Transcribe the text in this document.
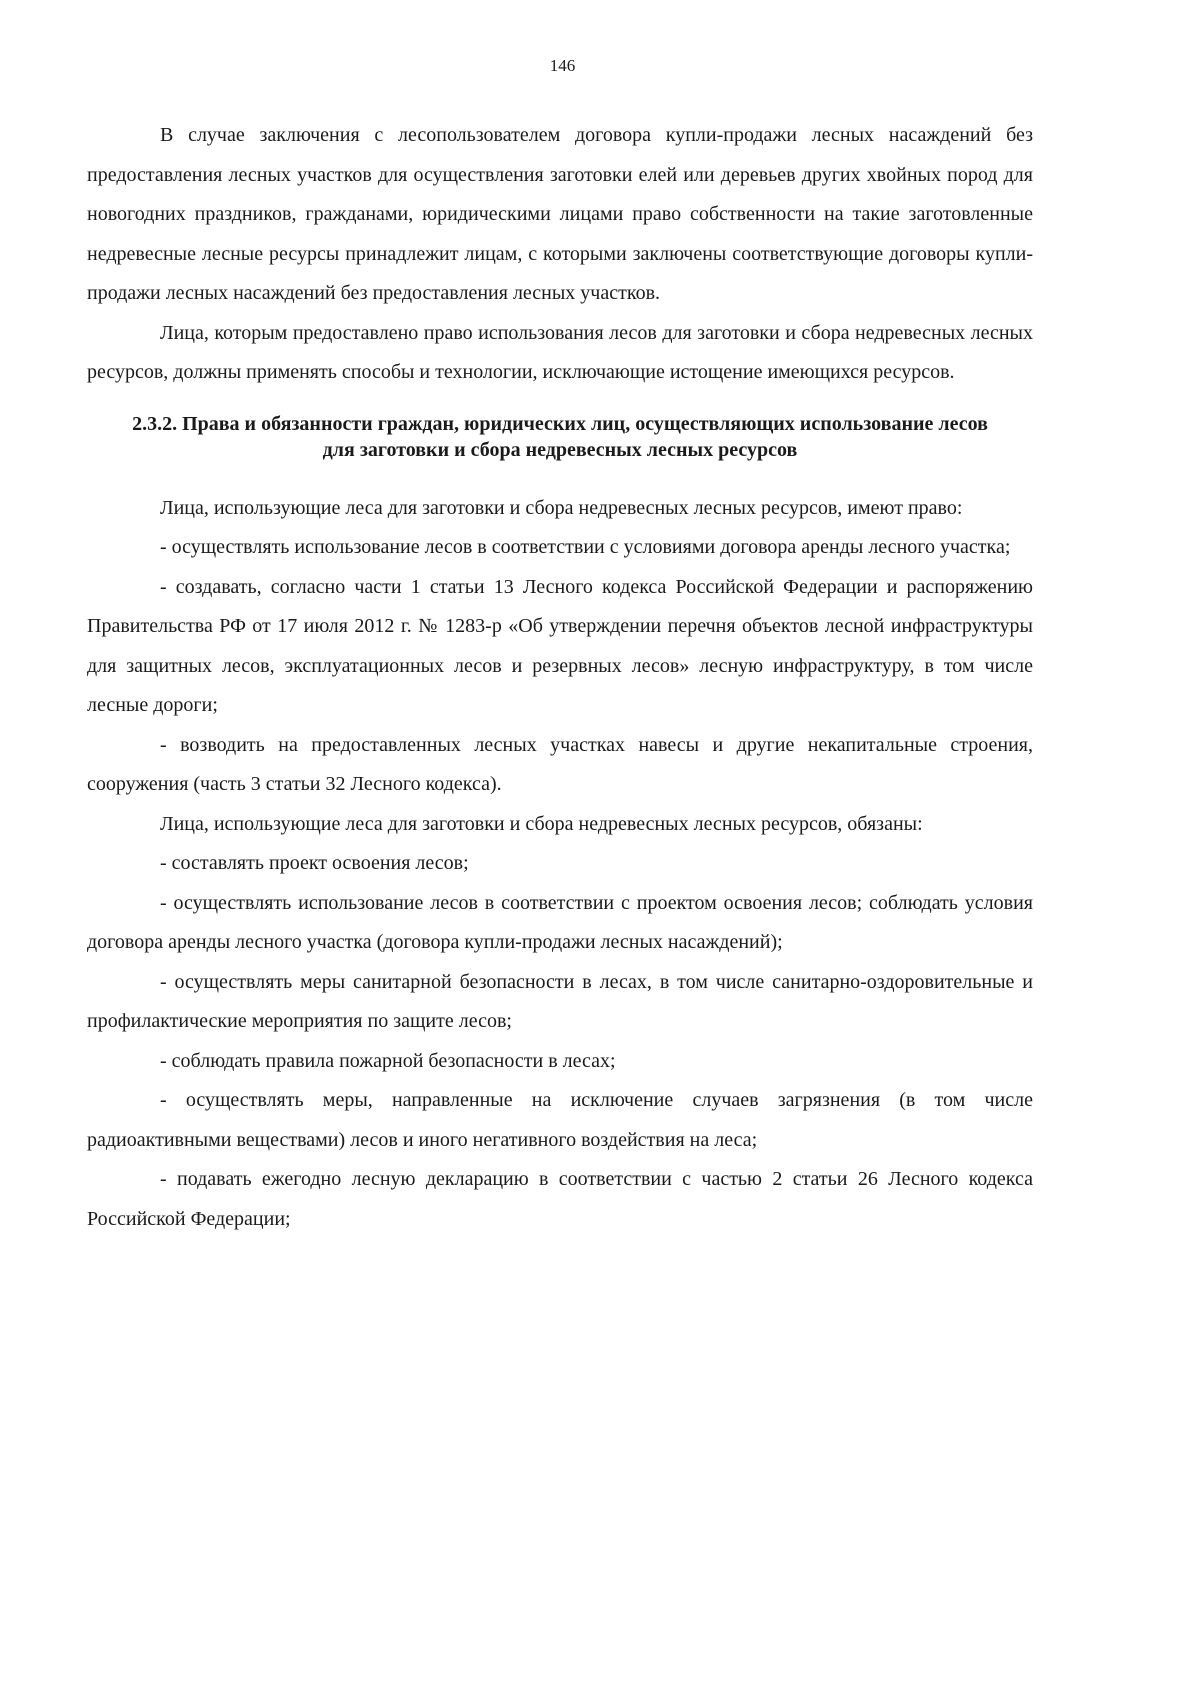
146

В случае заключения с лесопользователем договора купли-продажи лесных насаждений без предоставления лесных участков для осуществления заготовки елей или деревьев других хвойных пород для новогодних праздников, гражданами, юридическими лицами право собственности на такие заготовленные недревесные лесные ресурсы принадлежит лицам, с которыми заключены соответствующие договоры купли-продажи лесных насаждений без предоставления лесных участков.

Лица, которым предоставлено право использования лесов для заготовки и сбора недревесных лесных ресурсов, должны применять способы и технологии, исключающие истощение имеющихся ресурсов.

2.3.2. Права и обязанности граждан, юридических лиц, осуществляющих использование лесов для заготовки и сбора недревесных лесных ресурсов

Лица, использующие леса для заготовки и сбора недревесных лесных ресурсов, имеют право:

- осуществлять использование лесов в соответствии с условиями договора аренды лесного участка;

- создавать, согласно части 1 статьи 13 Лесного кодекса Российской Федерации и распоряжению Правительства РФ от 17 июля 2012 г. № 1283-р «Об утверждении перечня объектов лесной инфраструктуры для защитных лесов, эксплуатационных лесов и резервных лесов» лесную инфраструктуру, в том числе лесные дороги;

- возводить на предоставленных лесных участках навесы и другие некапитальные строения, сооружения (часть 3 статьи 32 Лесного кодекса).

Лица, использующие леса для заготовки и сбора недревесных лесных ресурсов, обязаны:

- составлять проект освоения лесов;

- осуществлять использование лесов в соответствии с проектом освоения лесов; соблюдать условия договора аренды лесного участка (договора купли-продажи лесных насаждений);

- осуществлять меры санитарной безопасности в лесах, в том числе санитарно-оздоровительные и профилактические мероприятия по защите лесов;

- соблюдать правила пожарной безопасности в лесах;

- осуществлять меры, направленные на исключение случаев загрязнения (в том числе радиоактивными веществами) лесов и иного негативного воздействия на леса;

- подавать ежегодно лесную декларацию в соответствии с частью 2 статьи 26 Лесного кодекса Российской Федерации;
